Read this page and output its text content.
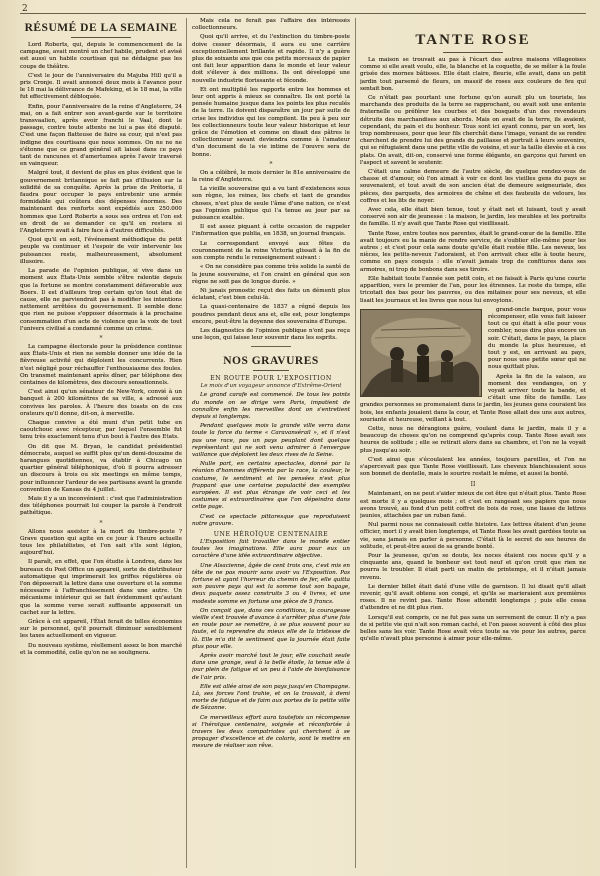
2
RÉSUMÉ DE LA SEMAINE

Lord Roberts, qui, depuis le commencement de la campagne, avait montré un chef habile, prudent et avisé est aussi un habile courtisan qui ne dédaigne pas les coups de théâtre.

C'est le jour de l'anniversaire du Majuba Hill qu'il a pris Cronje. Il avait annoncé deux mois à l'avance pour le 18 mai la délivrance de Mafeking, et le 18 mai, la ville fut effectivement débloquée.

Enfin, pour l'anniversaire de la reine d'Angleterre, 24 mai, on a fait entrer son avant-garde sur le territoire transvaalien, après avoir franchi le Vaal, dont le passage, contre toute attente ne lui a pas été disputé. C'est une façon flatteuse de faire sa cour, qui n'est pas indigne des courtisans que nous sommes. On ne ne ne s'étonne que ce grand général ait laissé dans ce pays tant de rancunes et d'amertumes après l'avoir traversé en vainqueur.

Malgré tout, il devient de plus en plus évident que le gouvernement britannique se fait pas d'illusion sur la solidité de sa conquête. Après la prise de Prétoria, il faudra pour occuper le pays entretenir une armée formidable qui coûtera des dépenses énormes. Des maintenant des renforts sont expédiés aux 250.000 hommes que Lord Roberts a sous ses ordres et l'on est en droit de se demander ce qu'il en restera si l'Angleterre avait à faire face à d'autres difficultés.

Quoi qu'il en soit, l'événement méthodique du petit peuple va continuer et l'espoir de voir intervenir les puissances reste, malheureusement, absolument illusoire.

La parade de l'opinion publique, si vive dans un moment aux États-Unis semble s'être ralentie depuis que la fortune se montre constamment défavorable aux Boers. Il est d'ailleurs trop certain qu'on tout état de cause, elle ne parviendrait pas à modifier les intentions nettement arrêtées du gouvernement. Il semble donc que rien ne puisse s'opposer désormais à la prochaine consommation d'un acte de violence que la voix de tout l'univers civilisé a condamné comme un crime.

*

La campagne électorale pour la présidence continue aux États-Unis et rien ne semble donner une idée de la fièvreuse activité qui déploient les concurrents. Rien n'est négligé pour réchauffer l'enthousiasme des foules. On transmet maintenant après dîner, par téléphone des centaines de kilomètres, des discours sensationnels.

C'est ainsi qu'un sénateur de New-York, convié à un banquet à 200 kilomètres de sa ville, a adressé aux convives les paroles. À l'heure des toasts on de ces orateurs qu'il donne, dit-on, à merveille.

Chaque convive a été muni d'un petit tube en caoutchouc avec récepteur, par lequel l'ensemble fut tenu très exactement tenu d'un bout à l'autre des Etats.

On dit que M. Bryan, le candidat présidentiel démocrate, auquel se suffit plus qu'un demi-douzaine de harangues quotidiennes, va établir à Chicago un quartier général téléphonique, d'où il pourra adresser un discours à trois ou six meetings en même temps, pour influencer l'ardeur de ses partisans avant la grande convention de Kansas du 4 juillet.

Mais il y a un inconvénient : c'est que l'administration des téléphones pourrait lui couper la parole à l'endroit pathétique.

*

Allons nous assister à la mort du timbre-poste ? Grave question qui agite en ce jour à l'heure actuelle tous les philatélistes, et l'on sait s'ils sont légion, aujourd'hui.

Il paraît, en effet, que l'on étudie à Londres, dans les bureaux du Post Office un appareil, sorte de distributeur automatique qui imprimerait les griffes régulières où l'on déposerait la lettre dans une ouverture et la somme nécessaire à l'affranchissement dans une autre. Un mécanisme intérieur qui se fait évidemment qu'autant que la somme verse serait suffisante apposerait un cachet sur la lettre.

Grâce à cet appareil, l'État ferait de telles économies sur le personnel, qu'il pourrait diminuer sensiblement les taxes actuellement en vigueur.

Du nouveau système, réellement assez le bon marché et la commodité, celle qu'on ne se soulignera.

Mais cela ne ferait pas l'affaire des intéressés collectionneurs.

Quoi qu'il arrive, et du l'extinction du timbre-poste doive cesser désormais, il aura eu une carrière exceptionnellement brillante et rapide. Il n'y a guère plus de soixante ans que ces petits morceaux de papier ont fait leur apparition dans le monde et leur valeur doit s'élever à des millions. Ils ont développé une nouvelle industrie florissante et féconde.

Et ont multiplié les rapports entre les hommes et leur ont appris à mieux se connaître. Ils ont porté la pensée humaine jusque dans les points les plus reculés de la terre. Ils doivent disparaître un jour par suite de crise les individus qui les compilent. Ils peu à peu sur les collectionneurs toute leur valeur historique et leur grâce de l'émotion et comme on disait des pâtres le collectionneur savant deviendra comme à l'amateur d'un document de la vie intime de l'œuvre sera de bonne.

*

On a célébré, le mois dernier le 81e anniversaire de la reine d'Angleterre.

La vieille souveraine qui a vu tant d'existences sous son règne, les reines, les chefs et tant de grandes choses, n'est plus de seule l'âme d'une nation, ce n'est pas l'opinion publique qui l'a tenue au jour par sa puissance exaltée.

Il est assez piquant à cette occasion de rappeler l'information que publia, en 1838, un journal français.

Le correspondant envoyé aux fêtes du couronnement de la reine Victoria glissait à la fin de son compte rendu le renseignement suivant :

« On ne considère pas comme très solide la santé de la jeune souveraine, et l'on craint en général que son règne ne soit pas de longue durée. »

Ni janais pronostic reçut des faits un démenti plus éclatant, c'est bien celui-là.

La quasi-centenaire de 1837 a régné depuis les poudres pendant deux ans et, elle est, pour longtemps encore, peut-être la doyenne des souverains d'Europe.

Les diagnostics de l'opinion publique n'ont pas reçu une leçon, qui laisse leur souvenir dans les esprits.

NOS GRAVURES
EN ROUTE POUR L'EXPOSITION
Le mois d'un voyageur annonce d'Extrême-Orient

Le grand carafe est commencé. De tous les points du monde on se dirige vers Paris, impatient de connaître enfin les merveilles dont on s'entretient depuis si longtemps.

Pendant quelques mois la grande ville verra dans toute la force du terme « Caravansérail », et il n'est pas une race, pas un pays peuplant dont quelque représentant qui ne soit venu admirer à l'envergue vaillance que déploient les deux rives de la Seine.

Nulle part, en certains spectacles, donné par la réunion d'hommes différents par la race, la couleur, le costume, le sentiment et les pensées n'est plus frappant que une certaine populacité des exemples européen. Il est plus étrange de voir ceci et les costumes si extraordinaires que l'on dépeindra dans cette page.

C'est ce spectacle pittoresque que reproduisent notre gravure.

UNE HÉROÏQUE CENTENAIRE

L'Exposition fait travailler dans le monde entier toutes les imaginations. Elle aura pour eux un caractère d'une idée extraordinaire objective.

Une Alsacienne, âgée de cent trois ans, c'est mis en tête de ne pas mourir sans avoir vu l'Exposition. Pas fortune et ayant l'horreur du chemin de fer, elle quitta son pauvre pays qui est la somme tout son bagage, deux paquets assez construits 3 ou 4 livres, et une modeste somme en fortune une pièce de 5 francs.

On conçoit que, dans ces conditions, la courageuse vieille s'est trouvée d'avance à s'arrêter plus d'une fois en route pour se remettre, à se plus souvent pour sa faute, et la reprendre du mieux elle de la tristesse de là. Elle m'a dit le sentiment que la journée était faite plus pour elle.

Après avoir marché tout le jour, elle couchait seule dans une grange, seul à la belle étoile, la tenue elle à jour plein de fatigue et un peu à l'aide de bienfaisance de l'air pris.

Elle est allée ainsi de son pays jusqu'en Champagne. Là, ses forces l'ont trahie, et on la trouvait, à demi morte de fatigue et de faim aux portes de la petite ville de Sézanne.

Ce merveilleux effort aura toutefois un récompense si l'héroïque centenaire, soignée et réconfortée à travers les deux compatriotes qui cherchent à se propager d'excellence et de coloris, sont le mettre en mesure de réaliser son rêve.

TANTE ROSE

La maison se trouvait au pas à l'écart des autres maisons villageoises comme si elle avait voulu, elle, la blanche et la coquette, de se mêler à la foule grisée des mornes bâtisses. Elle était claire, fleurie, elle avait, dans un petit jardin tout parsemé de fleurs, un massif de roses aux couleurs de feu qui sentait bon.

Ce n'était pas pourtant une fortune qu'on aurait plu un touriste, les marchands des produits de la terre se rapprochant, ou avait soit une entente fraternelle ou préférer les courbes et des bosquets d'un des revendeurs détruits des marchandises aux abords. Mais on avait de la terre, ils avaient, cependant, du pain et du bonheur. Tous sont ici ayant connu, par un sort, les trop nombreuses, pour que leur fils cherchât dans l'image, venant de se rendre cherchent de prendre lui des grands du paillasse et portrait à leurs souvenirs, qui se réfugiaient dans une petite ville de voisins, et sur la taille élevée et à ces plats. On avait, dit-on, conservé une forme élégante, en garçons qui furent en l'aspect et savent le soutenir.

C'était une calme demeure de l'autre siècle, de quelque rendez-vous de chasse et d'amour, où l'on aimait à voir ce dont les vieilles gens du pays se souvenaient, et tout avait de son ancien état de demeure seigneuriale, des pièces, des parquets, des armoires de chêne et des fauteuils de velours, les coffres et les lits de noyer.

Avec cela, elle était bien tenue, tout y était net et luisant, tout y avait conservé son air de jeunesse : la maison, le jardin, les meubles et les portraits de famille. Il n'y avait que Tante Rose qui vieillissait.

Tante Rose, entre toutes nos parentes, était le grand-cœur de la famille. Elle avait toujours eu la manie de rendre service, de s'oublier elle-même pour les autres ; et c'est pour cela sans doute qu'elle était restée fille. Les neveux, les nièces, les petits-neveux l'adoraient, et l'on arrivait chez elle à toute heure, comme en pays conquis : elle n'avait jamais trop de confitures dans ses armoires, ni trop de bonbons dans ses tiroirs.

Elle habitait toute l'année son petit coin, et ne faisait à Paris qu'une courte apparition, vers le premier de l'an, pour les étrennes. Le reste du temps, elle tricotait des bas pour les pauvres, ou des mitaines pour ses neveux, et elle lisait les journaux et les livres que nous lui envoyions.

grand-oncle barque, pour vous récompenser, elle vous fait laisser tout ce qui était à elle pour vous combler, nous dira plus encore un soir. C'était, dans le pays, la place du monde la plus heureuse, et tout y est, en arrivant au pays, pour nous une petite sœur qui ne nous quittait plus.

Après la fin de la saison, au moment des vendanges, on y voyait arriver toute la bande, et c'était une fête de famille. Les grandes personnes se promenaient dans le jardin, les jeunes gens couraient les bois, les enfants jouaient dans la cour, et Tante Rose allait des uns aux autres, souriante et heureuse, veillant à tout.

Cette, nous ne dérangions guère, voulant dans le jardin, mais il y a beaucoup de choses qu'on ne comprend qu'après coup. Tante Rose avait ses heures de solitude ; elle se retirait alors dans sa chambre, et l'on ne la voyait plus jusqu'au soir.

C'est ainsi que s'écoulaient les années, toujours pareilles, et l'on ne s'apercevait pas que Tante Rose vieillissait. Les cheveux blanchissaient sous son bonnet de dentelle, mais le sourire restait le même, et aussi la bonté.

II

Maintenant, on ne peut s'aider mieux de cet être qui n'était plus. Tante Rose est morte il y a quelques mois ; et c'est en rangeant ses papiers que nous avons trouvé, au fond d'un petit coffret de bois de rose, une liasse de lettres jaunies, attachées par un ruban fané.

Nul parmi nous ne connaissait cette histoire. Les lettres étaient d'un jeune officier, mort il y avait bien longtemps, et Tante Rose les avait gardées toute sa vie, sans jamais en parler à personne. C'était là le secret de ses heures de solitude, et peut-être aussi de sa grande bonté.

Pour la jeunesse, qu'on se doute, les noces étaient ces noces qu'il y a cinquante ans, quand le bonheur est tout neuf et qu'on croit que rien ne pourra le troubler. Il était parti un matin de printemps, et il n'était jamais revenu.

Le dernier billet était daté d'une ville de garnison. Il lui disait qu'il allait revenir, qu'il avait obtenu son congé, et qu'ils se marieraient aux premières roses. Il ne revint pas. Tante Rose attendit longtemps ; puis elle cessa d'attendre et ne dit plus rien.

Lorsqu'il eut compris, ce ne fut pas sans un serrement de cœur. Il n'y a pas de si petite vie qui n'ait son roman caché, et l'on passe souvent à côté des plus belles sans les voir. Tante Rose avait vécu toute sa vie pour les autres, parce qu'elle n'avait plus personne à aimer pour elle-même.
